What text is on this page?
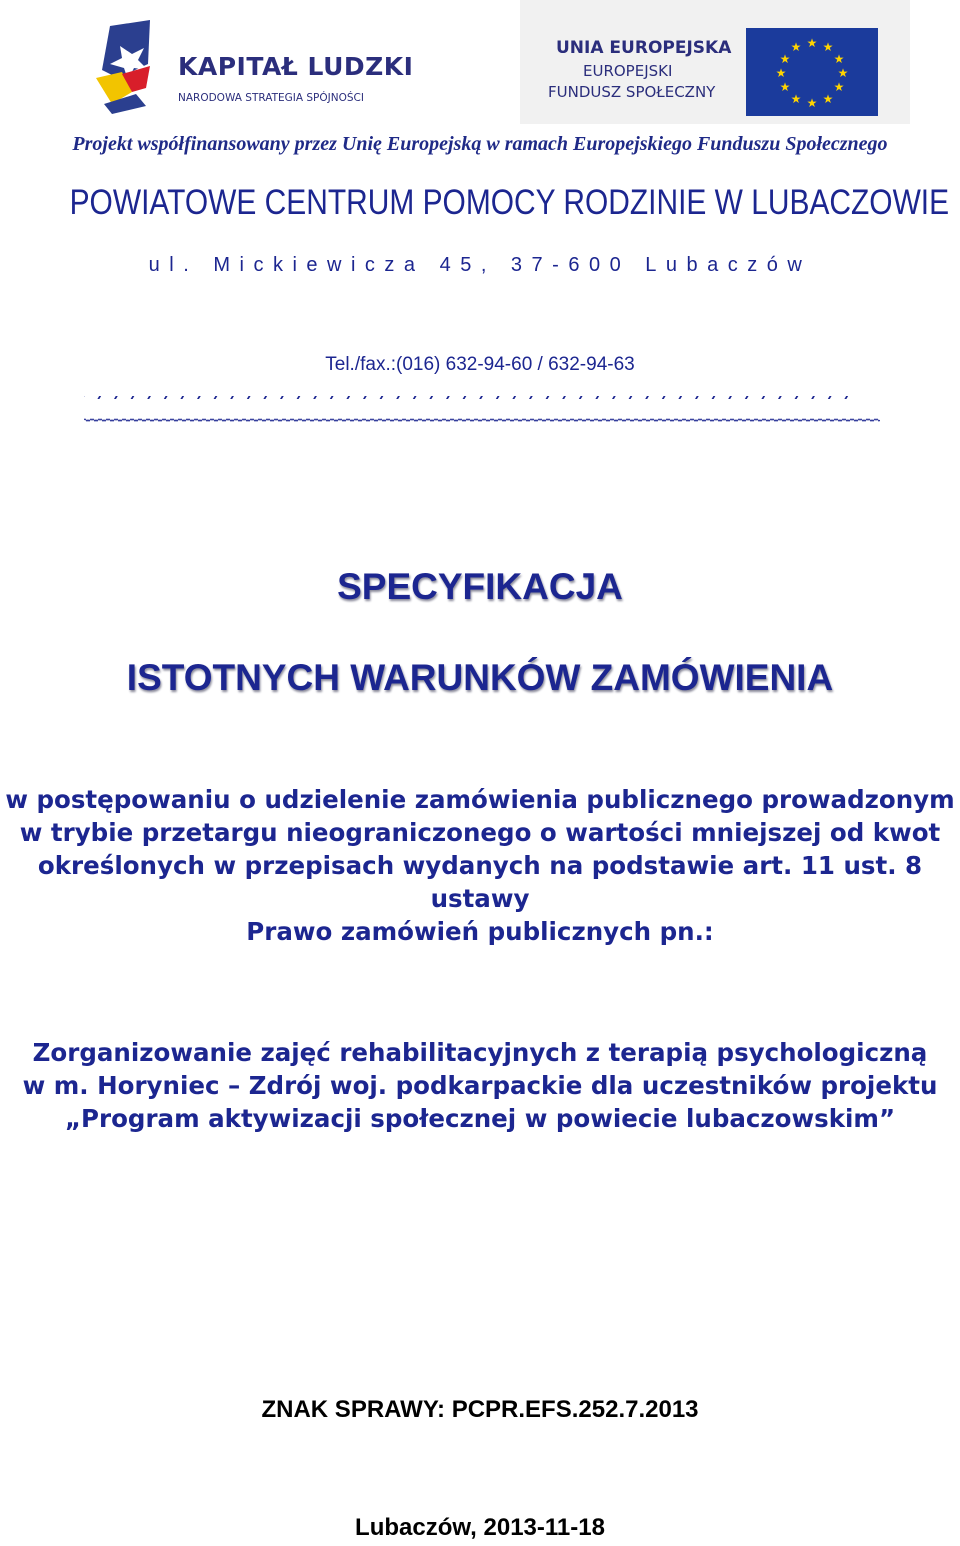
KAPITAŁ LUDZKI
NARODOWA STRATEGIA SPÓJNOŚCI
UNIA EUROPEJSKA
EUROPEJSKI
FUNDUSZ SPOŁECZNY
★ ★
★
★
★
★
★
★
★
★
★
★
Projekt współfinansowany przez Unię Europejską w ramach Europejskiego Funduszu Społecznego
POWIATOWE CENTRUM POMOCY RODZINIE W LUBACZOWIE
ul. Mickiewicza 45, 37-600 Lubaczów
Tel./fax.:(016) 632-94-60 / 632-94-63
SPECYFIKACJA
ISTOTNYCH WARUNKÓW ZAMÓWIENIA
w postępowaniu o udzielenie zamówienia publicznego prowadzonym
w trybie przetargu nieograniczonego o wartości mniejszej od kwot
określonych w przepisach wydanych na podstawie art. 11 ust. 8 ustawy
Prawo zamówień publicznych pn.:
Zorganizowanie zajęć rehabilitacyjnych z terapią psychologiczną
w m. Horyniec – Zdrój woj. podkarpackie dla uczestników projektu
„Program aktywizacji społecznej w powiecie lubaczowskim”
ZNAK SPRAWY: PCPR.EFS.252.7.2013
Lubaczów, 2013-11-18
